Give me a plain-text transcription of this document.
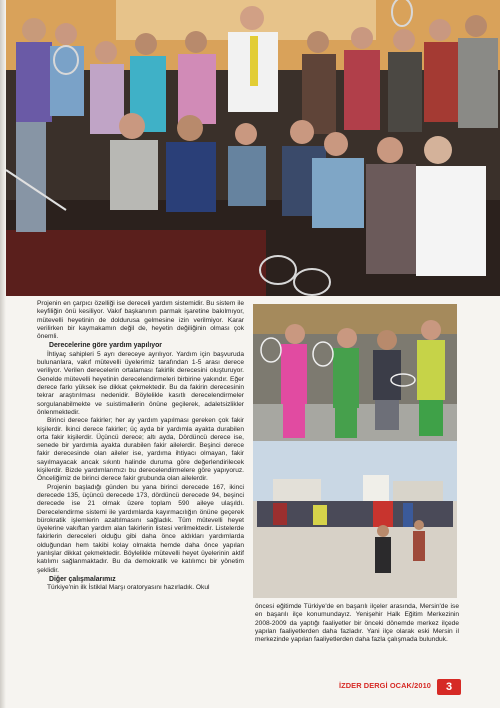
Projenin en çarpıcı özelliği ise dereceli yardım sistemidir. Bu sistem ile keyfiliğin önü kesiliyor. Vakıf başkanının parmak işaretine bakılmıyor, mütevelli heyetinin de doldurusa gelmesine izin verilmiyor. Karar verilirken bir kaymakamın değil de, heyetin değiliğinin olması çok önemli.

Derecelerine göre yardım yapılıyor

İhtiyaç sahipleri 5 ayrı dereceye ayrılıyor. Yardım için başvuruda bulunanlara, vakıf mütevelli üyelerimiz tarafından 1-5 arası derece veriliyor. Verilen derecelerin ortalaması fakirlik derecesini oluşturuyor. Genelde mütevelli heyetinin derecelendirmeleri birbirine yakındır. Eğer derece farkı yüksek ise dikkat çekmektedir. Bu da fakirin derecesinin tekrar araştırılması nedenidir. Böylelikle kasıtlı derecelendirmeler sorgulanabilmekte ve suistimallerin önüne geçilerek, adaletsizlikler önlenmektedir.

Birinci derece fakirler; her ay yardım yapılması gereken çok fakir kişilerdir. İkinci derece fakirler; üç ayda bir yardımla ayakta durabilen orta fakir kişilerdir. Üçüncü derece; altı ayda, Dördüncü derece ise, senede bir yardımla ayakta durabilen fakir ailelerdir. Beşinci derece fakir derecesinde olan aileler ise, yardıma ihtiyacı olmayan, fakir sayılmayacak ancak sıkıntı halinde duruma göre değerlendirilecek kişilerdir. Bizde yardımlarımızı bu derecelendirmelere göre yapıyoruz. Önceliğimiz de birinci derece fakir grubunda olan ailelerdir.

Projenin başladığı günden bu yana birinci derecede 167, ikinci derecede 135, üçüncü derecede 173, dördüncü derecede 94, beşinci derecede ise 21 olmak üzere toplam 590 aileye ulaşıldı. Derecelendirme sistemi ile yardımlarda kayırmacılığın önüne geçerek bürokratik işlemlerin azaltılmasını sağladık. Tüm mütevelli heyet üyelerine vakıftan yardım alan fakirlerin listesi verilmektedir. Listelerde fakirlerin dereceleri olduğu gibi daha önce aldıkları yardımlarda olduğundan hem takibi kolay olmakta hemde daha önce yapılan yanlışlar dikkat çekmektedir. Böylelikle mütevelli heyet üyelerinin aktif katılımı sağlanmaktadır. Bu da demokratik ve katılımcı bir yönetim şeklidir.

Diğer çalışmalarımız

Türkiye'nin ilk İstiklal Marşı oratoryasını hazırladık. Okul

öncesi eğitimde Türkiye'de en başarılı ilçeler arasında, Mersin'de ise en başarılı ilçe konumundayız. Yenişehir Halk Eğitim Merkezinin 2008-2009 da yaptığı faaliyetler bir önceki dönemde merkez ilçede yapılan faaliyetlerden daha fazladır. Yani ilçe olarak eski Mersin il merkezinde yapılan faaliyetlerden daha fazla çalışmada bulunduk.

İZDER DERGİ OCAK/2010	3
